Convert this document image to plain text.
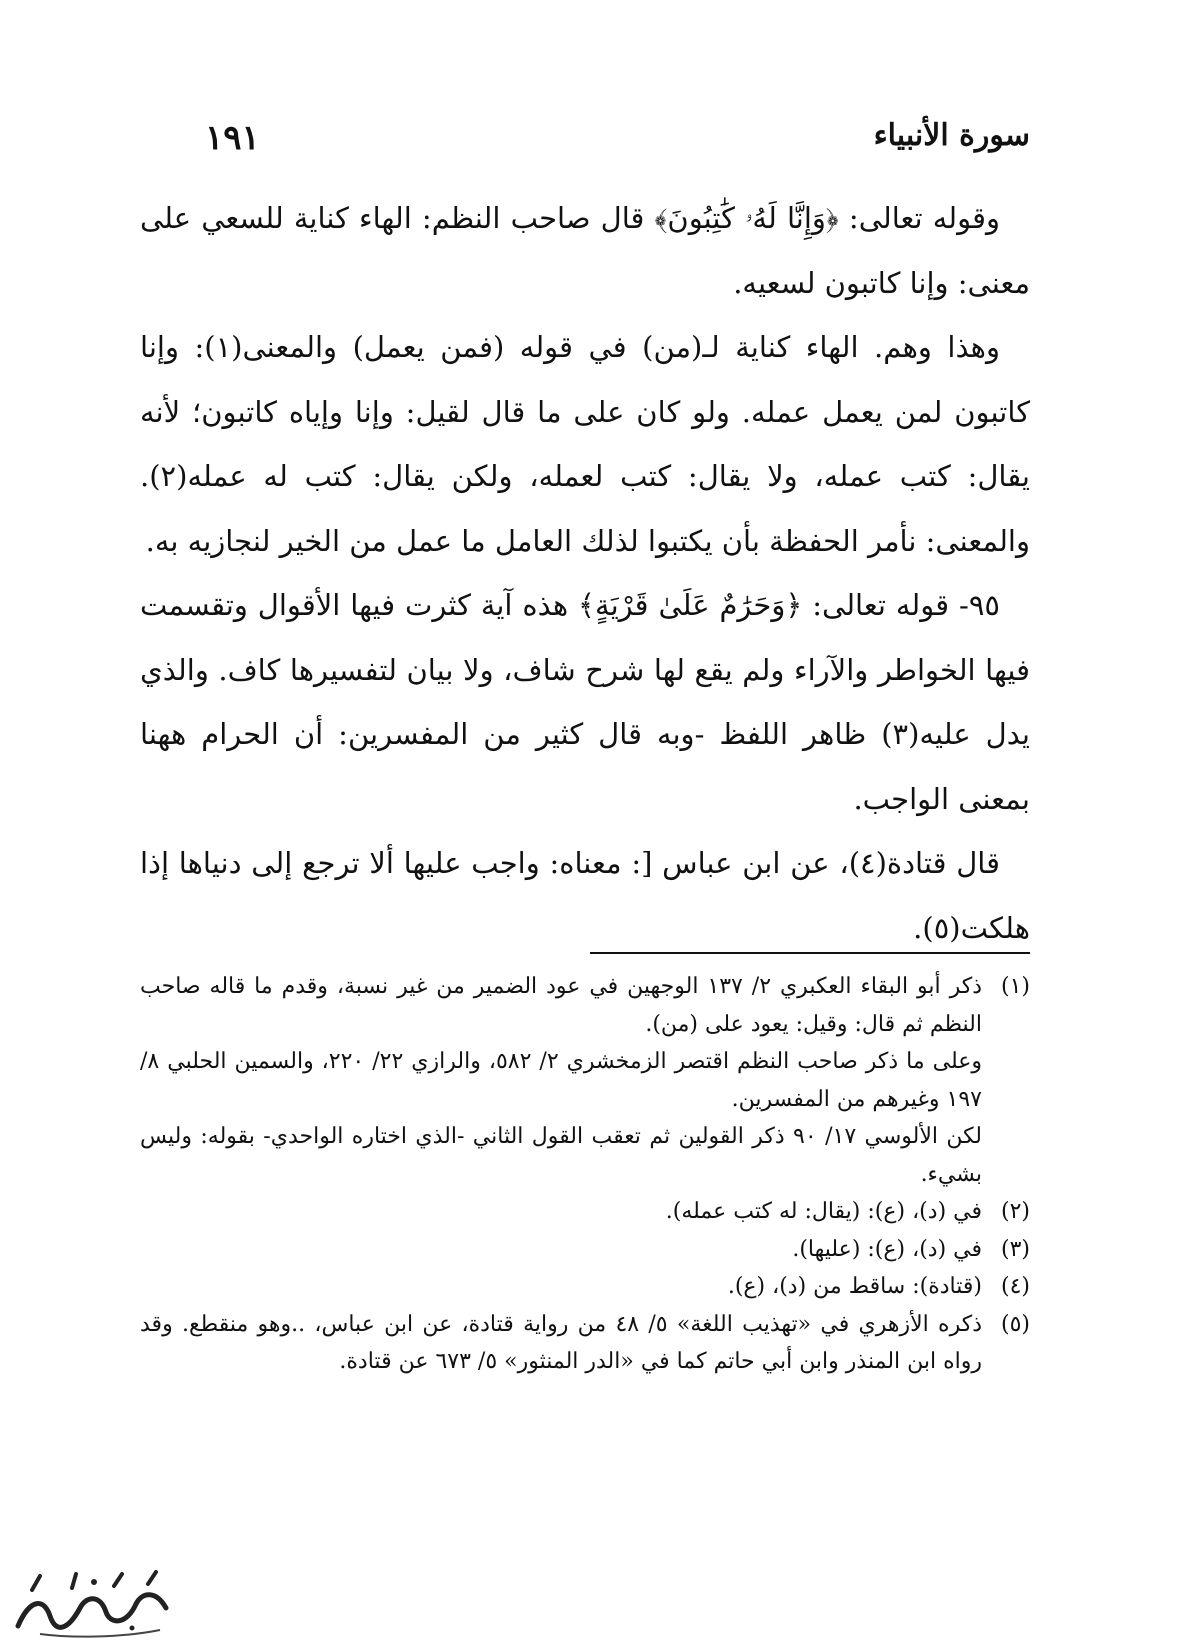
١٩١	سورة الأنبياء

وقوله تعالى: ﴿وَإِنَّا لَهُۥ كَٰتِبُونَ﴾ قال صاحب النظم: الهاء كناية للسعي على معنى: وإنا كاتبون لسعيه.

وهذا وهم. الهاء كناية لـ(من) في قوله (فمن يعمل) والمعنى(١): وإنا كاتبون لمن يعمل عمله. ولو كان على ما قال لقيل: وإنا وإياه كاتبون؛ لأنه يقال: كتب عمله، ولا يقال: كتب لعمله، ولكن يقال: كتب له عمله(٢). والمعنى: نأمر الحفظة بأن يكتبوا لذلك العامل ما عمل من الخير لنجازيه به.

٩٥- قوله تعالى: ﴿وَحَرَٰمٌ عَلَىٰ قَرْيَةٍ﴾ هذه آية كثرت فيها الأقوال وتقسمت فيها الخواطر والآراء ولم يقع لها شرح شاف، ولا بيان لتفسيرها كاف. والذي يدل عليه(٣) ظاهر اللفظ -وبه قال كثير من المفسرين: أن الحرام ههنا بمعنى الواجب.

قال قتادة(٤)، عن ابن عباس [: معناه: واجب عليها ألا ترجع إلى دنياها إذا هلكت(٥).

(١)
ذكر أبو البقاء العكبري ٢/ ١٣٧ الوجهين في عود الضمير من غير نسبة، وقدم ما قاله صاحب النظم ثم قال: وقيل: يعود على (من).
وعلى ما ذكر صاحب النظم اقتصر الزمخشري ٢/ ٥٨٢، والرازي ٢٢/ ٢٢٠، والسمين الحلبي ٨/ ١٩٧ وغيرهم من المفسرين.
لكن الألوسي ١٧/ ٩٠ ذكر القولين ثم تعقب القول الثاني -الذي اختاره الواحدي- بقوله: وليس بشيء.
(٢)
في (د)، (ع): (يقال: له كتب عمله).
(٣)
في (د)، (ع): (عليها).
(٤)
(قتادة): ساقط من (د)، (ع).
(٥)
ذكره الأزهري في «تهذيب اللغة» ٥/ ٤٨ من رواية قتادة، عن ابن عباس، ..وهو منقطع. وقد رواه ابن المنذر وابن أبي حاتم كما في «الدر المنثور» ٥/ ٦٧٣ عن قتادة.
